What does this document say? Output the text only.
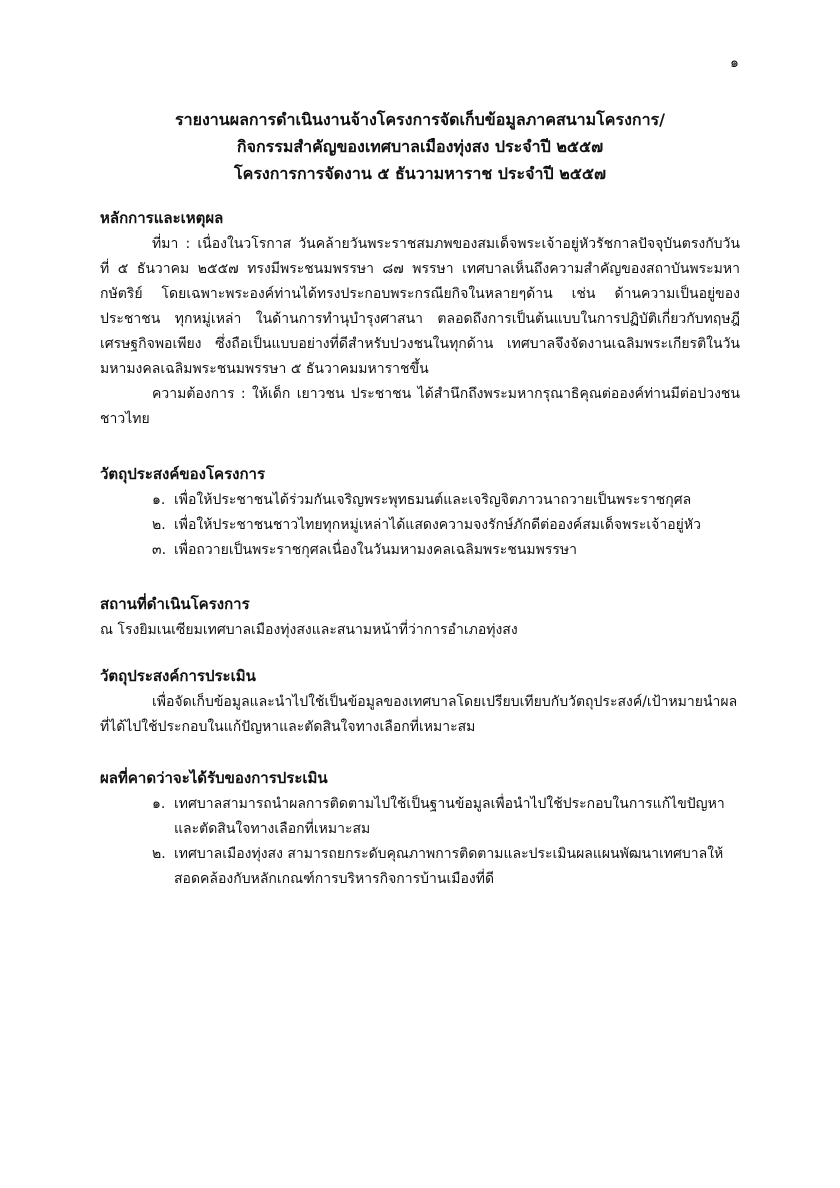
๑
รายงานผลการดำเนินงานจ้างโครงการจัดเก็บข้อมูลภาคสนามโครงการ/
กิจกรรมสำคัญของเทศบาลเมืองทุ่งสง ประจำปี ๒๕๕๗
โครงการการจัดงาน ๕ ธันวามหาราช ประจำปี ๒๕๕๗
หลักการและเหตุผล

ที่มา : เนื่องในวโรกาส วันคล้ายวันพระราชสมภพของสมเด็จพระเจ้าอยู่หัวรัชกาลปัจจุบันตรงกับวันที่ ๕ ธันวาคม ๒๕๕๗ ทรงมีพระชนมพรรษา ๘๗ พรรษา เทศบาลเห็นถึงความสำคัญของสถาบันพระมหากษัตริย์ โดยเฉพาะพระองค์ท่านได้ทรงประกอบพระกรณียกิจในหลายๆด้าน เช่น ด้านความเป็นอยู่ของประชาชน ทุกหมู่เหล่า ในด้านการทำนุบำรุงศาสนา ตลอดถึงการเป็นต้นแบบในการปฏิบัติเกี่ยวกับทฤษฎีเศรษฐกิจพอเพียง ซึ่งถือเป็นแบบอย่างที่ดีสำหรับปวงชนในทุกด้าน เทศบาลจึงจัดงานเฉลิมพระเกียรติในวันมหามงคลเฉลิมพระชนมพรรษา ๕ ธันวาคมมหาราชขึ้น

ความต้องการ : ให้เด็ก เยาวชน ประชาชน ได้สำนึกถึงพระมหากรุณาธิคุณต่อองค์ท่านมีต่อปวงชนชาวไทย

วัตถุประสงค์ของโครงการ
๑. เพื่อให้ประชาชนได้ร่วมกันเจริญพระพุทธมนต์และเจริญจิตภาวนาถวายเป็นพระราชกุศล
๒. เพื่อให้ประชาชนชาวไทยทุกหมู่เหล่าได้แสดงความจงรักษ์ภักดีต่อองค์สมเด็จพระเจ้าอยู่หัว
๓. เพื่อถวายเป็นพระราชกุศลเนื่องในวันมหามงคลเฉลิมพระชนมพรรษา
สถานที่ดำเนินโครงการ

ณ โรงยิมเนเซียมเทศบาลเมืองทุ่งสงและสนามหน้าที่ว่าการอำเภอทุ่งสง

วัตถุประสงค์การประเมิน

เพื่อจัดเก็บข้อมูลและนำไปใช้เป็นข้อมูลของเทศบาลโดยเปรียบเทียบกับวัตถุประสงค์/เป้าหมายนำผลที่ได้ไปใช้ประกอบในแก้ปัญหาและตัดสินใจทางเลือกที่เหมาะสม

ผลที่คาดว่าจะได้รับของการประเมิน
๑. เทศบาลสามารถนำผลการติดตามไปใช้เป็นฐานข้อมูลเพื่อนำไปใช้ประกอบในการแก้ไขปัญหาและตัดสินใจทางเลือกที่เหมาะสม
๒. เทศบาลเมืองทุ่งสง สามารถยกระดับคุณภาพการติดตามและประเมินผลแผนพัฒนาเทศบาลให้สอดคล้องกับหลักเกณฑ์การบริหารกิจการบ้านเมืองที่ดี
